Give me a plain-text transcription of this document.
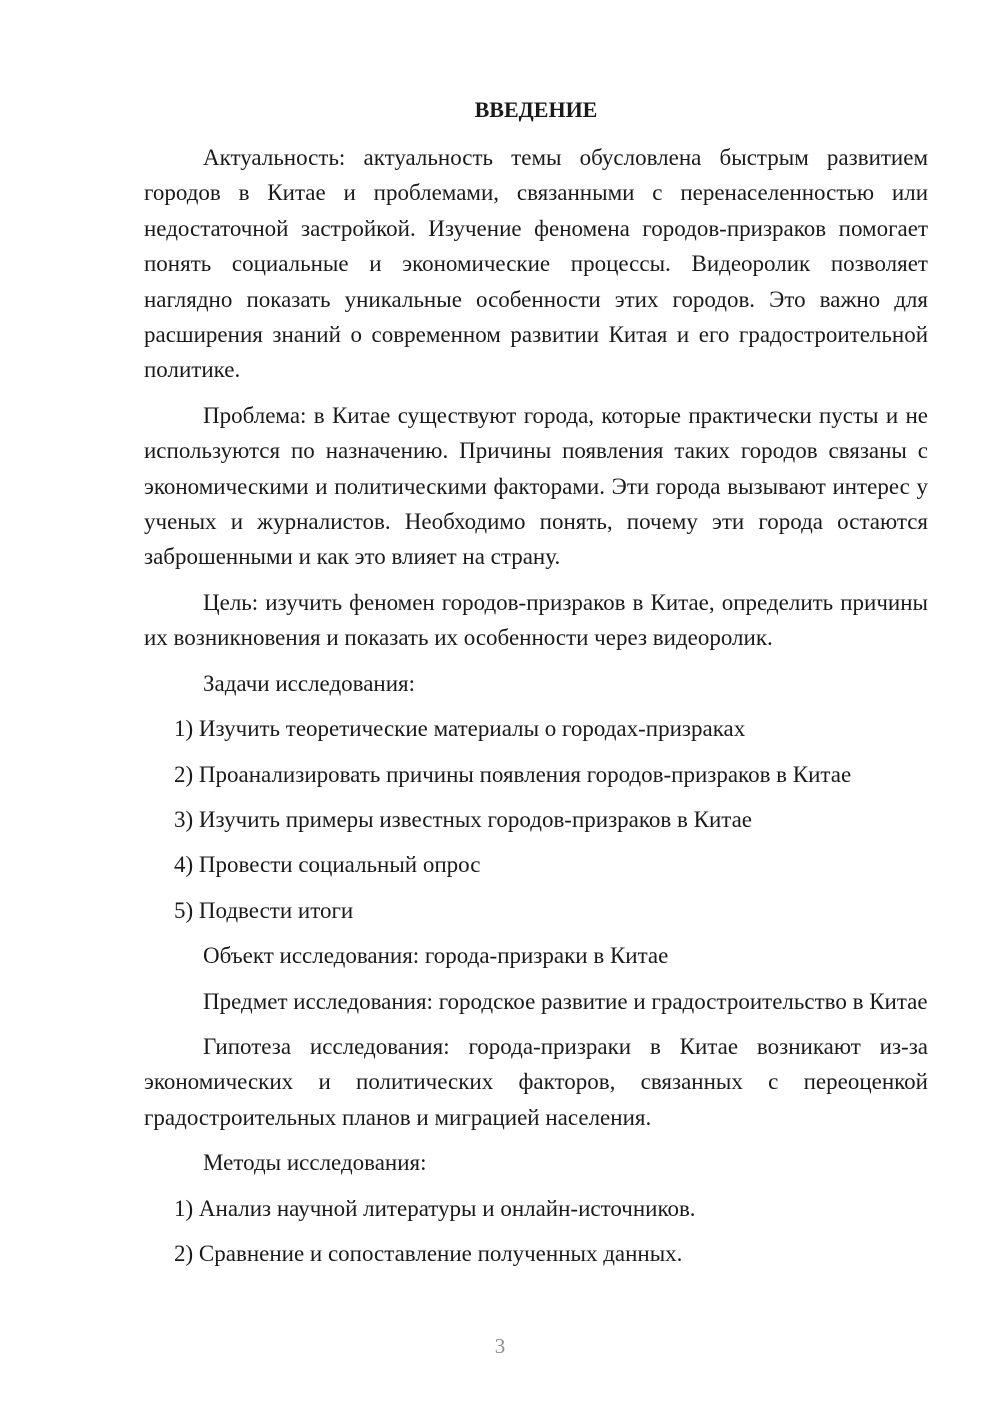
ВВЕДЕНИЕ

Актуальность: актуальность темы обусловлена быстрым развитием городов в Китае и проблемами, связанными с перенаселенностью или недостаточной застройкой. Изучение феномена городов-призраков помогает понять социальные и экономические процессы. Видеоролик позволяет наглядно показать уникальные особенности этих городов. Это важно для расширения знаний о современном развитии Китая и его градостроительной политике.

Проблема: в Китае существуют города, которые практически пусты и не используются по назначению. Причины появления таких городов связаны с экономическими и политическими факторами. Эти города вызывают интерес у ученых и журналистов. Необходимо понять, почему эти города остаются заброшенными и как это влияет на страну.

Цель: изучить феномен городов-призраков в Китае, определить причины их возникновения и показать их особенности через видеоролик.

Задачи исследования:

1) Изучить теоретические материалы о городах-призраках

2) Проанализировать причины появления городов-призраков в Китае

3) Изучить примеры известных городов-призраков в Китае

4) Провести социальный опрос

5) Подвести итоги

Объект исследования: города-призраки в Китае

Предмет исследования: городское развитие и градостроительство в Китае

Гипотеза исследования: города-призраки в Китае возникают из-за экономических и политических факторов, связанных с переоценкой градостроительных планов и миграцией населения.

Методы исследования:

1) Анализ научной литературы и онлайн-источников.

2) Сравнение и сопоставление полученных данных.

3
